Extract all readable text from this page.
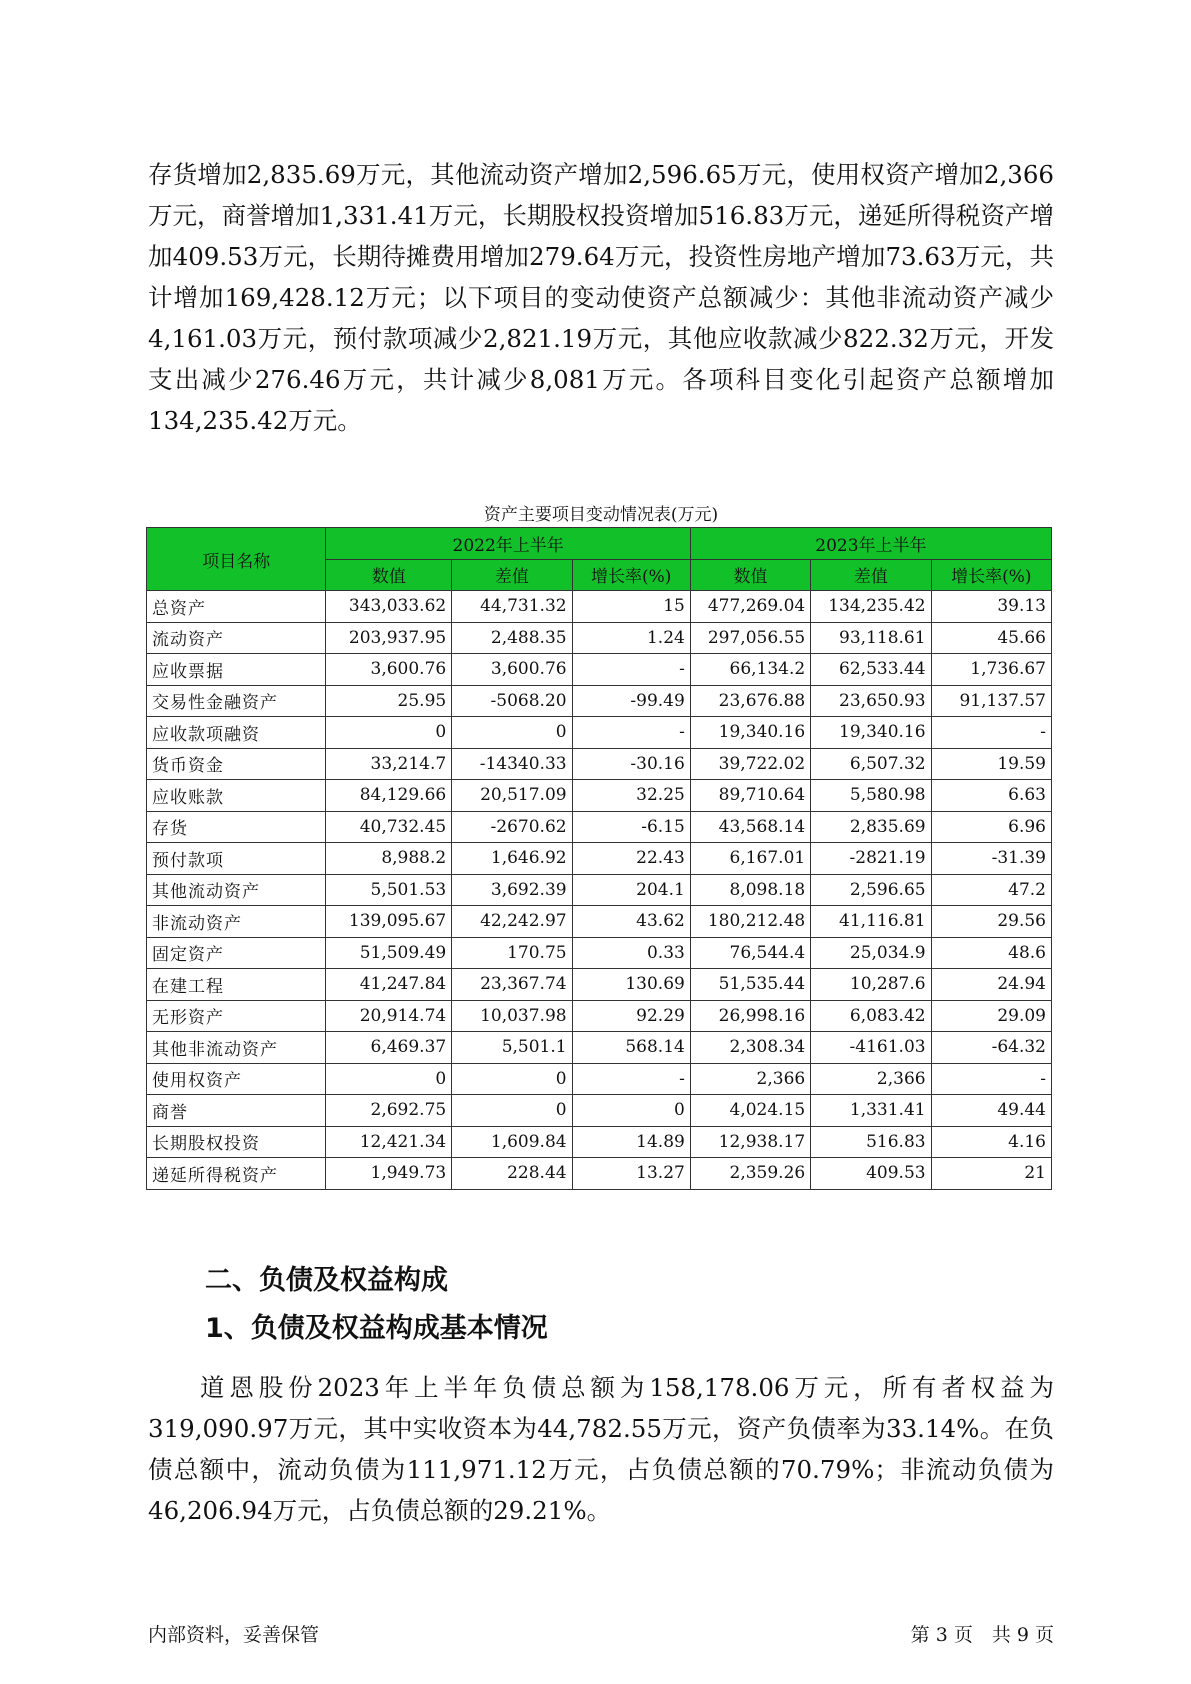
存货增加2,835.69万元，其他流动资产增加2,596.65万元，使用权资产增加2,366万元，商誉增加1,331.41万元，长期股权投资增加516.83万元，递延所得税资产增加409.53万元，长期待摊费用增加279.64万元，投资性房地产增加73.63万元，共计增加169,428.12万元；以下项目的变动使资产总额减少：其他非流动资产减少4,161.03万元，预付款项减少2,821.19万元，其他应收款减少822.32万元，开发支出减少276.46万元，共计减少8,081万元。各项科目变化引起资产总额增加134,235.42万元。

资产主要项目变动情况表(万元)
项目名称	2022年上半年			2023年上半年		
	数值	差值	增长率(%)	数值	差值	增长率(%)
总资产	343,033.62	44,731.32	15	477,269.04	134,235.42	39.13
流动资产	203,937.95	2,488.35	1.24	297,056.55	93,118.61	45.66
应收票据	3,600.76	3,600.76	-	66,134.2	62,533.44	1,736.67
交易性金融资产	25.95	-5068.20	-99.49	23,676.88	23,650.93	91,137.57
应收款项融资	0	0	-	19,340.16	19,340.16	-
货币资金	33,214.7	-14340.33	-30.16	39,722.02	6,507.32	19.59
应收账款	84,129.66	20,517.09	32.25	89,710.64	5,580.98	6.63
存货	40,732.45	-2670.62	-6.15	43,568.14	2,835.69	6.96
预付款项	8,988.2	1,646.92	22.43	6,167.01	-2821.19	-31.39
其他流动资产	5,501.53	3,692.39	204.1	8,098.18	2,596.65	47.2
非流动资产	139,095.67	42,242.97	43.62	180,212.48	41,116.81	29.56
固定资产	51,509.49	170.75	0.33	76,544.4	25,034.9	48.6
在建工程	41,247.84	23,367.74	130.69	51,535.44	10,287.6	24.94
无形资产	20,914.74	10,037.98	92.29	26,998.16	6,083.42	29.09
其他非流动资产	6,469.37	5,501.1	568.14	2,308.34	-4161.03	-64.32
使用权资产	0	0	-	2,366	2,366	-
商誉	2,692.75	0	0	4,024.15	1,331.41	49.44
长期股权投资	12,421.34	1,609.84	14.89	12,938.17	516.83	4.16
递延所得税资产	1,949.73	228.44	13.27	2,359.26	409.53	21
二、负债及权益构成
1、负债及权益构成基本情况

道恩股份2023年上半年负债总额为158,178.06万元，所有者权益为319,090.97万元，其中实收资本为44,782.55万元，资产负债率为33.14%。在负债总额中，流动负债为111,971.12万元，占负债总额的70.79%；非流动负债为46,206.94万元，占负债总额的29.21%。

内部资料，妥善保管	第 3 页　共 9 页
